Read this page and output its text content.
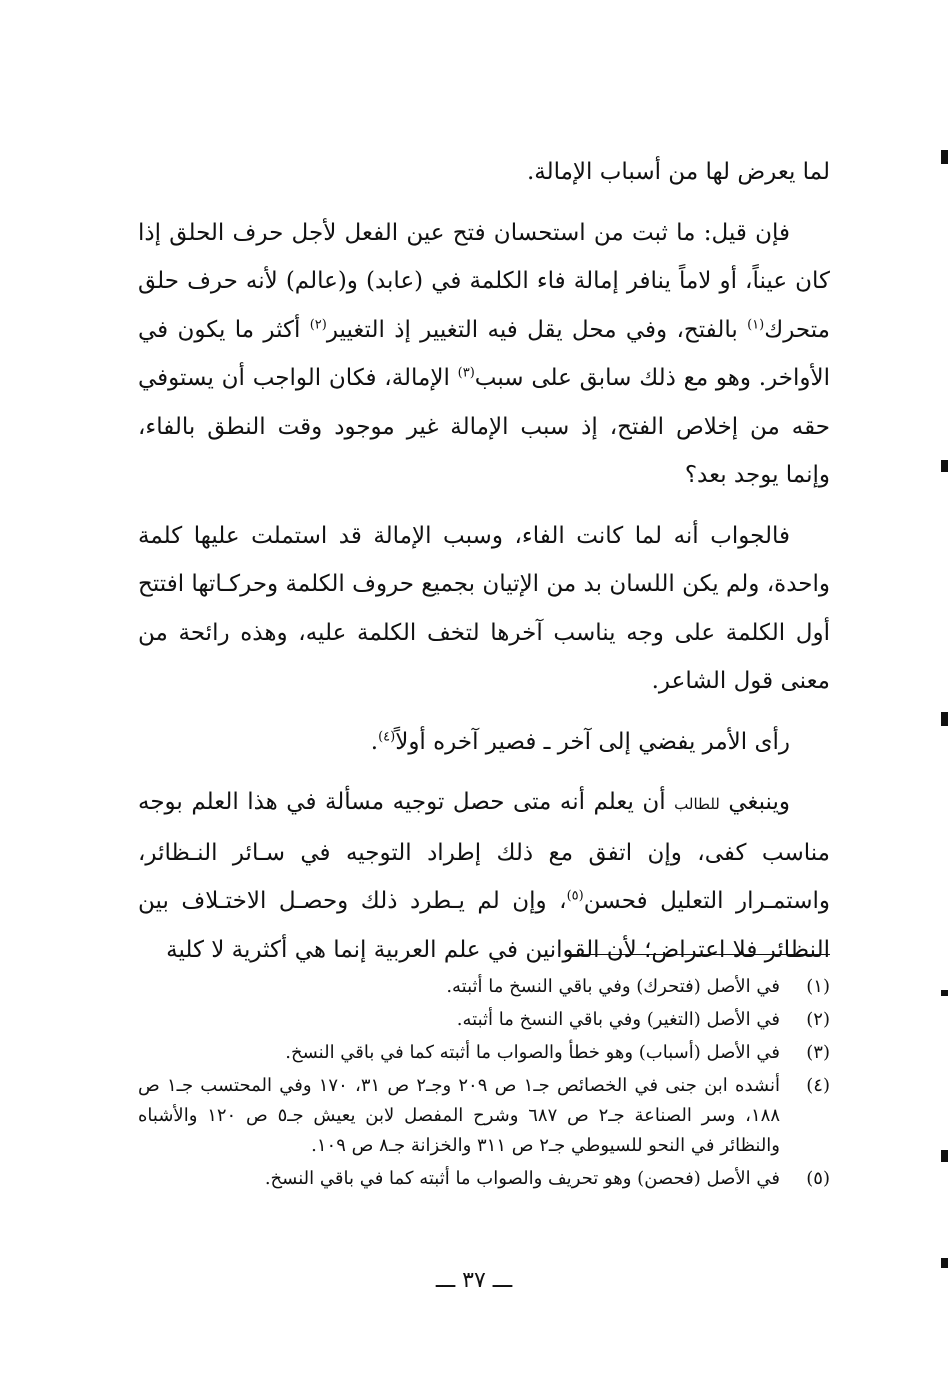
لما يعرض لها من أسباب الإمالة.

فإن قيل: ما ثبت من استحسان فتح عين الفعل لأجل حرف الحلق إذا كان عيناً، أو لاماً ينافر إمالة فاء الكلمة في (عابد) و(عالم) لأنه حرف حلق متحرك$^{(١)}$ بالفتح، وفي محل يقل فيه التغيير إذ التغيير$^{(٢)}$ أكثر ما يكون في الأواخر. وهو مع ذلك سابق على سبب$^{(٣)}$ الإمالة، فكان الواجب أن يستوفي حقه من إخلاص الفتح، إذ سبب الإمالة غير موجود وقت النطق بالفاء، وإنما يوجد بعد؟

فالجواب أنه لما كانت الفاء، وسبب الإمالة قد استملت عليها كلمة واحدة، ولم يكن اللسان بد من الإتيان بجميع حروف الكلمة وحركـاتها افتتح أول الكلمة على وجه يناسب آخرها لتخف الكلمة عليه، وهذه رائحة من معنى قول الشاعر.

رأى الأمر يفضي إلى آخر ـ فصير آخره أولاً$^{(٤)}$.

وينبغي للطالب أن يعلم أنه متى حصل توجيه مسألة في هذا العلم بوجه مناسب كفى، وإن اتفق مع ذلك إطراد التوجيه في سـائر النـظائر، واستمـرار التعليل فحسن$^{(٥)}$، وإن لم يـطرد ذلك وحصـل الاختـلاف بين النظائر فلا اعتراض؛ لأن القوانين في علم العربية إنما هي أكثرية لا كلية

(١)
في الأصل (فتحرك) وفي باقي النسخ ما أثبته.
(٢)
في الأصل (التغير) وفي باقي النسخ ما أثبته.
(٣)
في الأصل (أسباب) وهو خطأ والصواب ما أثبته كما في باقي النسخ.
(٤)
أنشده ابن جنى في الخصائص جـ١ ص ٢٠٩ وجـ٢ ص ٣١، ١٧٠ وفي المحتسب جـ١ ص ١٨٨، وسر الصناعة جـ٢ ص ٦٨٧ وشرح المفصل لابن يعيش جـ٥ ص ١٢٠ والأشباه والنظائر في النحو للسيوطي جـ٢ ص ٣١١ والخزانة جـ٨ ص ١٠٩.
(٥)
في الأصل (فحصن) وهو تحريف والصواب ما أثبته كما في باقي النسخ.
ـــ ٣٧ ـــ
